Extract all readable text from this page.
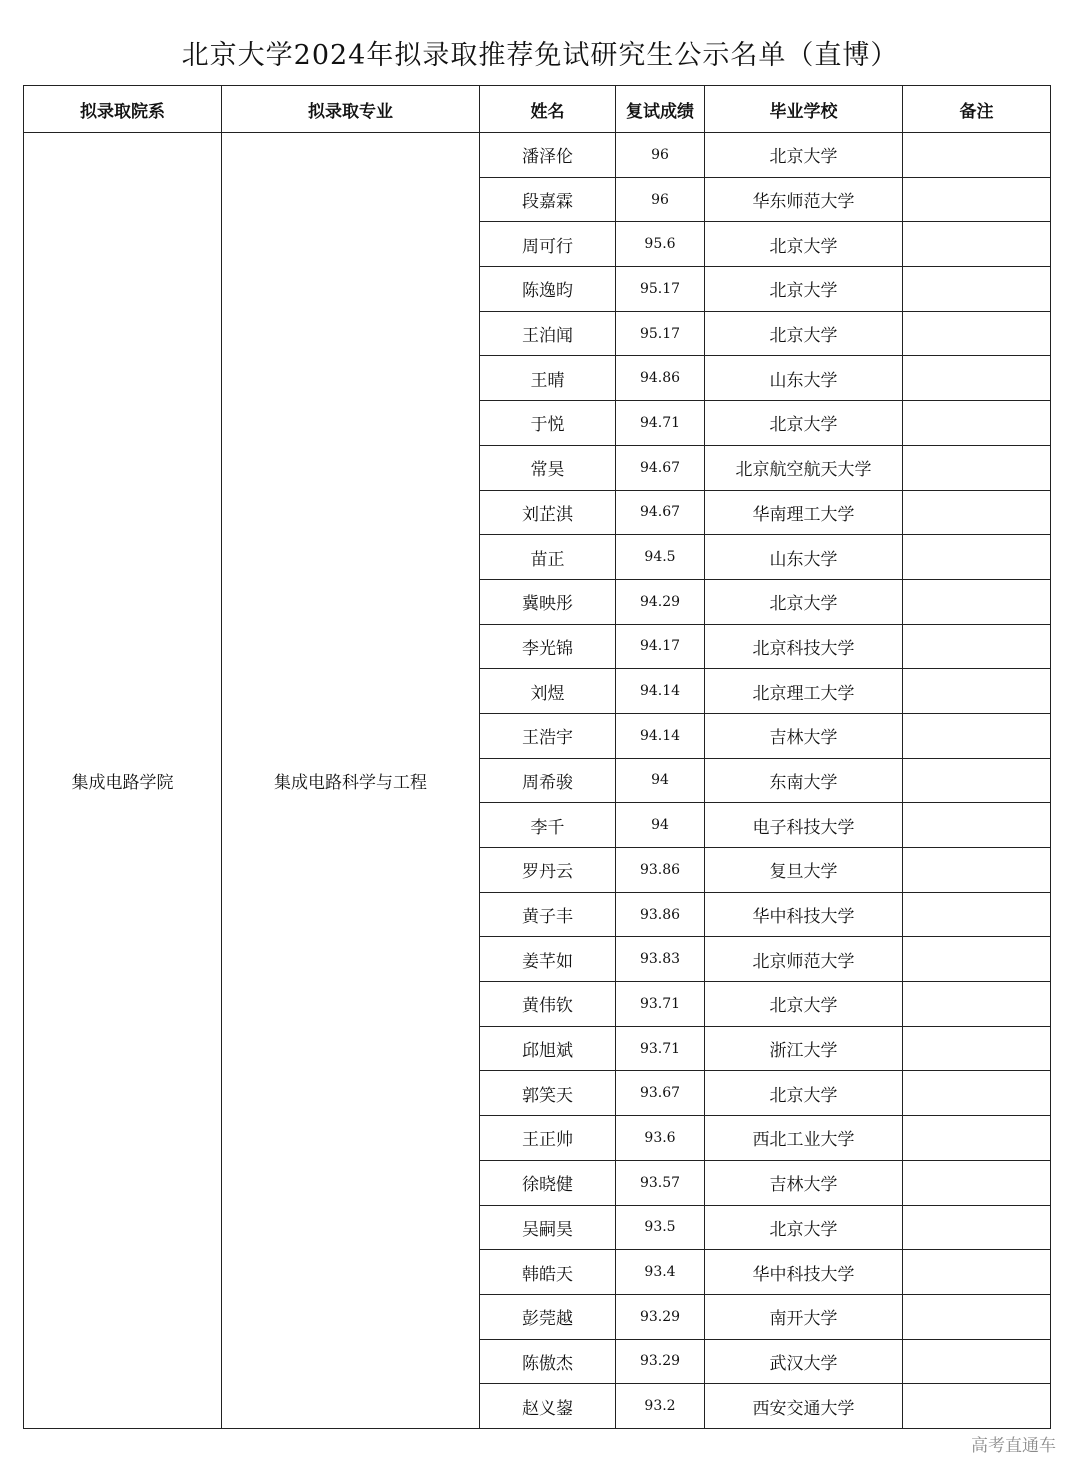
北京大学2024年拟录取推荐免试研究生公示名单（直博）
拟录取院系	拟录取专业	姓名	复试成绩	毕业学校	备注
集成电路学院	集成电路科学与工程	潘泽伦	96	北京大学	
		段嘉霖	96	华东师范大学	
		周可行	95.6	北京大学	
		陈逸昀	95.17	北京大学	
		王泊闻	95.17	北京大学	
		王晴	94.86	山东大学	
		于悦	94.71	北京大学	
		常昊	94.67	北京航空航天大学	
		刘芷淇	94.67	华南理工大学	
		苗正	94.5	山东大学	
		冀映彤	94.29	北京大学	
		李光锦	94.17	北京科技大学	
		刘煜	94.14	北京理工大学	
		王浩宇	94.14	吉林大学	
		周希骏	94	东南大学	
		李千	94	电子科技大学	
		罗丹云	93.86	复旦大学	
		黄子丰	93.86	华中科技大学	
		姜芊如	93.83	北京师范大学	
		黄伟钦	93.71	北京大学	
		邱旭斌	93.71	浙江大学	
		郭笑天	93.67	北京大学	
		王正帅	93.6	西北工业大学	
		徐晓健	93.57	吉林大学	
		吴嗣昊	93.5	北京大学	
		韩皓天	93.4	华中科技大学	
		彭莞越	93.29	南开大学	
		陈傲杰	93.29	武汉大学	
		赵义鋆	93.2	西安交通大学	
高考直通车
